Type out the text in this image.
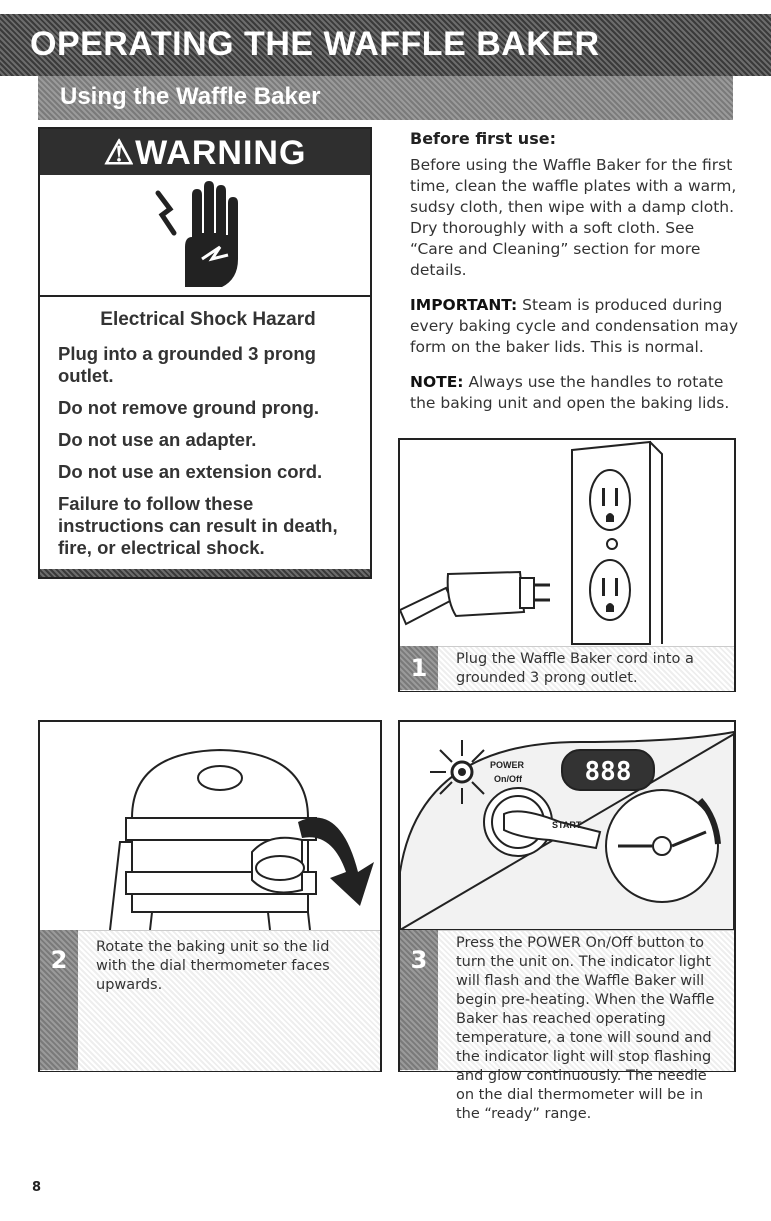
OPERATING THE WAFFLE BAKER
Using the Waffle Baker
⚠WARNING

Electrical Shock Hazard

Plug into a grounded 3 prong outlet.

Do not remove ground prong.

Do not use an adapter.

Do not use an extension cord.

Failure to follow these instructions can result in death, fire, or electrical shock.

Before first use:

Before using the Waffle Baker for the first time, clean the waffle plates with a warm, sudsy cloth, then wipe with a damp cloth. Dry thoroughly with a soft cloth. See “Care and Cleaning” section for more details.

IMPORTANT: Steam is produced during every baking cycle and condensation may form on the baker lids. This is normal.

NOTE: Always use the handles to rotate the baking unit and open the baking lids.

1	Plug the Waffle Baker cord into a grounded 3 prong outlet.
2	Rotate the baking unit so the lid with the dial thermometer faces upwards.
POWER
On/Off 888
START
3
Press the POWER On/Off button to turn the unit on. The indicator light will flash and the Waffle Baker will begin pre-heating. When the Waffle Baker has reached operating temperature, a tone will sound and the indicator light will stop flashing and glow continuously. The needle on the dial thermometer will be in the “ready” range.
8
